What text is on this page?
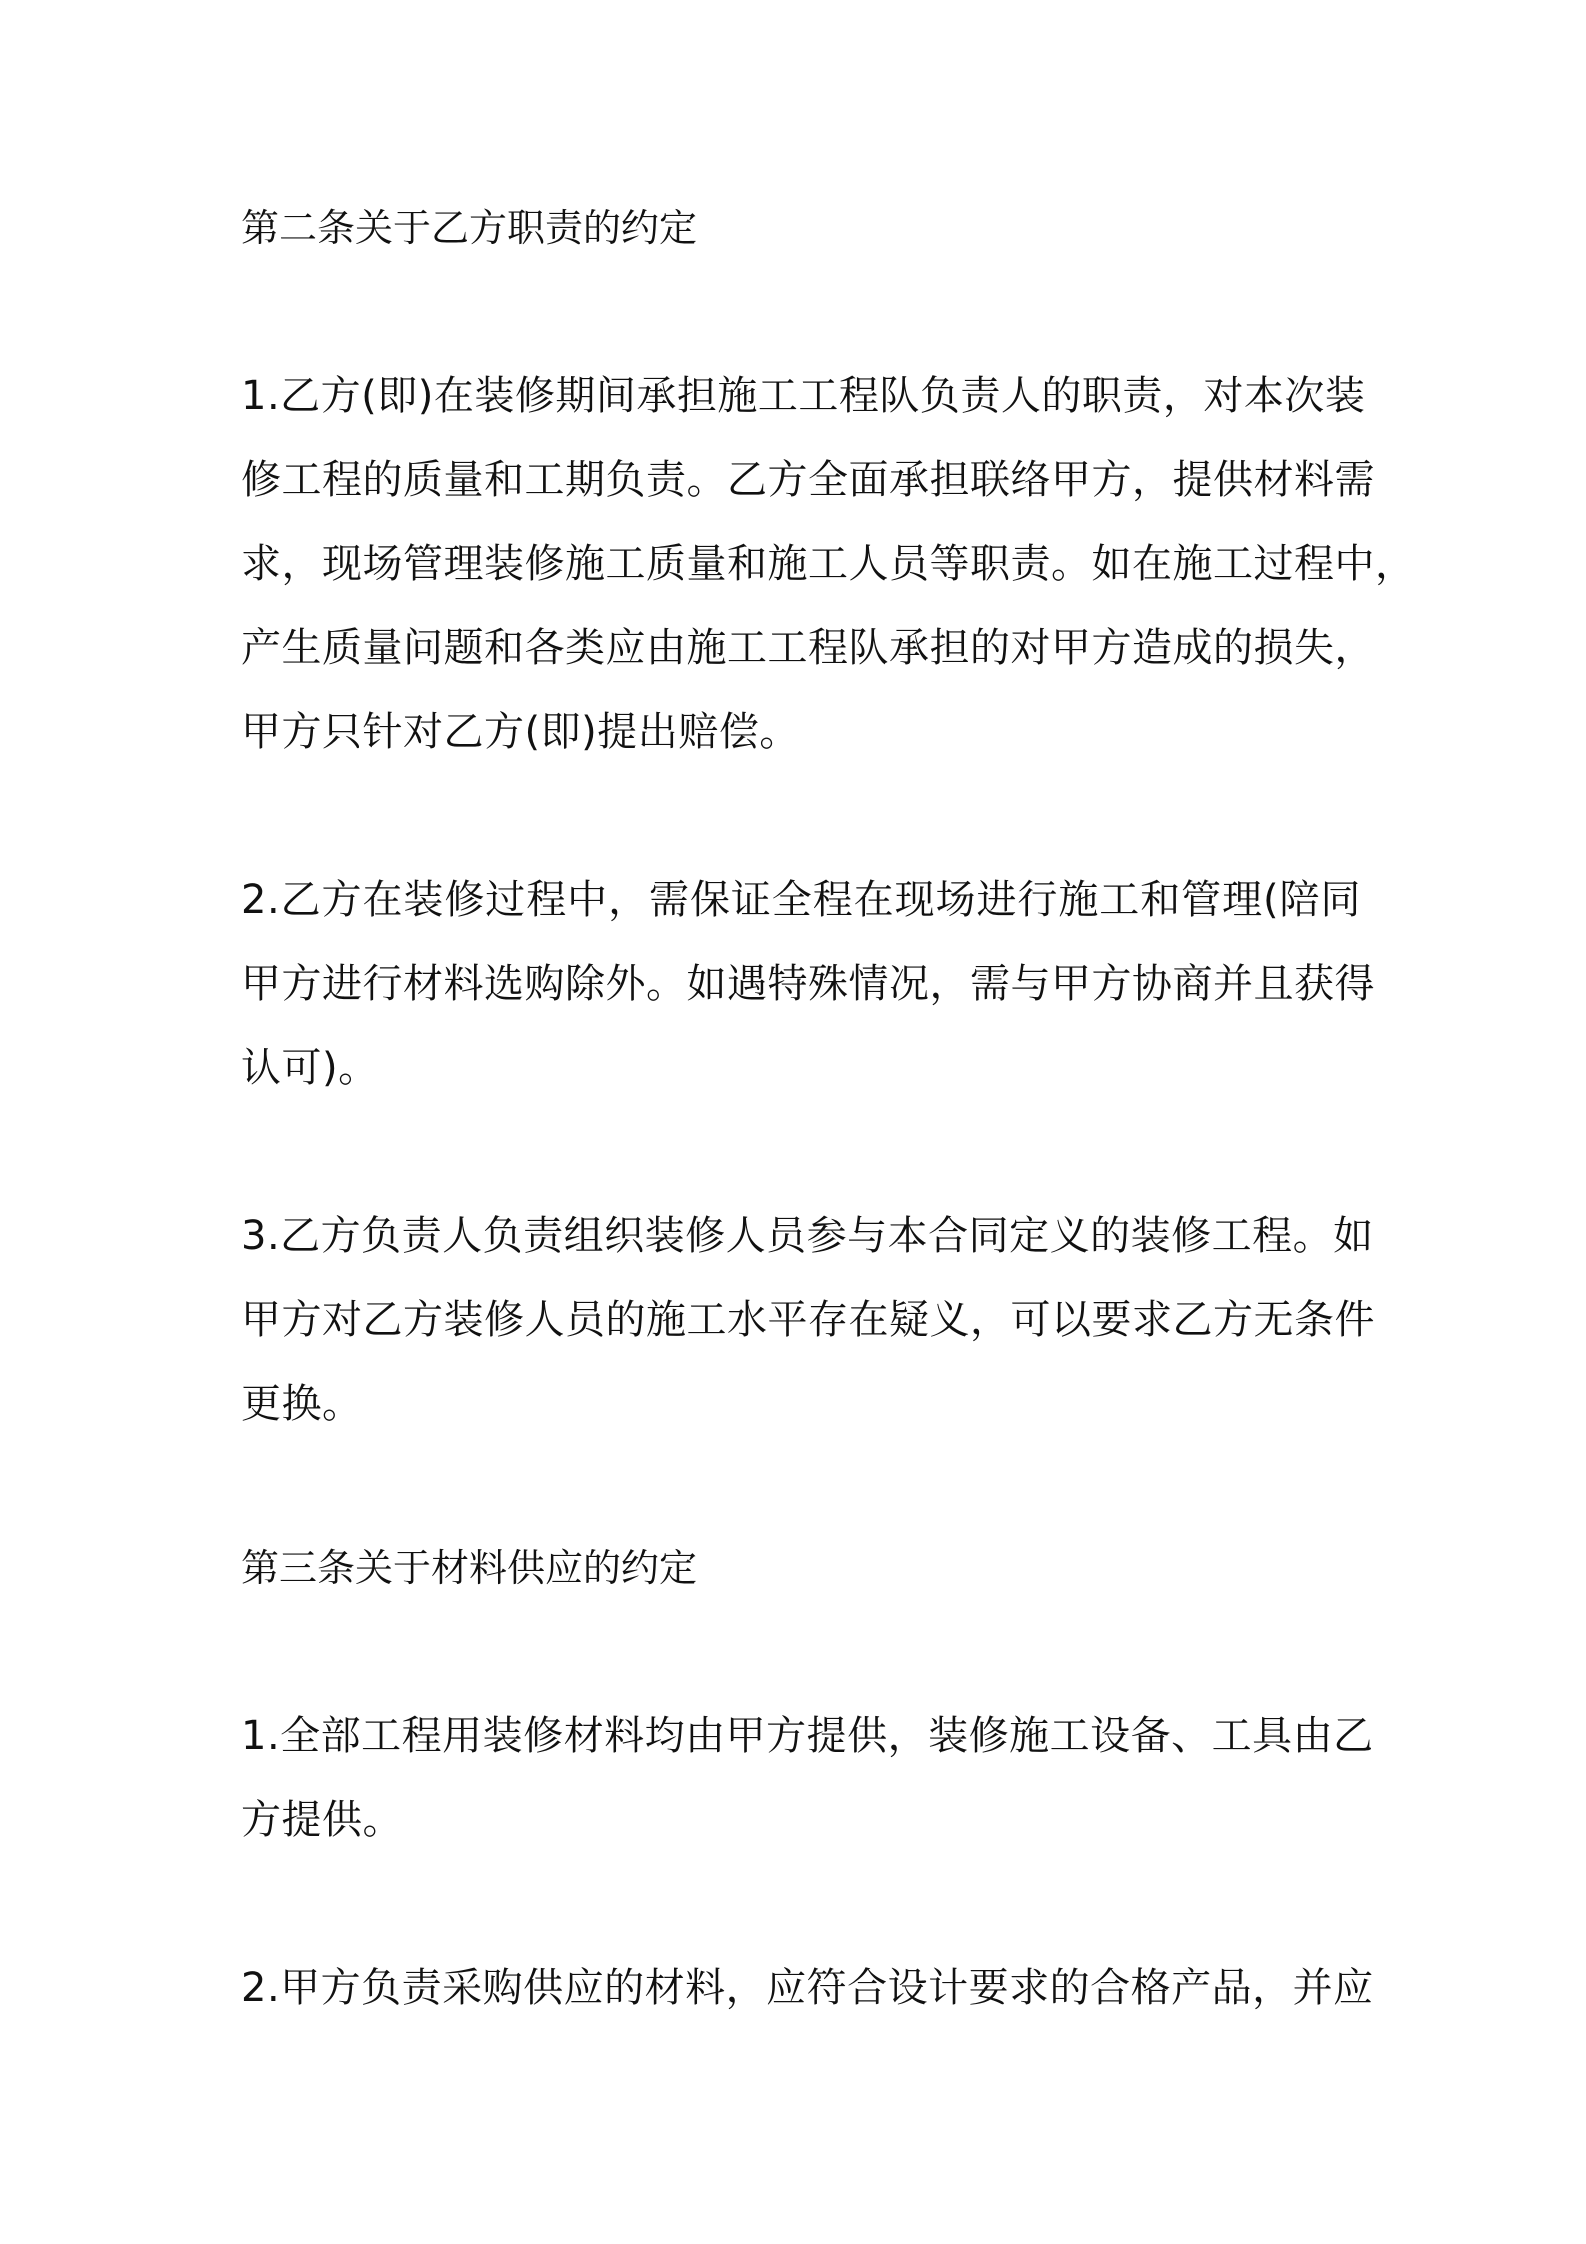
第二条关于乙方职责的约定
1.乙方(即)在装修期间承担施工工程队负责人的职责，对本次装
修工程的质量和工期负责。乙方全面承担联络甲方，提供材料需
求，现场管理装修施工质量和施工人员等职责。如在施工过程中，
产生质量问题和各类应由施工工程队承担的对甲方造成的损失，
甲方只针对乙方(即)提出赔偿。
2.乙方在装修过程中，需保证全程在现场进行施工和管理(陪同
甲方进行材料选购除外。如遇特殊情况，需与甲方协商并且获得
认可)。
3.乙方负责人负责组织装修人员参与本合同定义的装修工程。如
甲方对乙方装修人员的施工水平存在疑义，可以要求乙方无条件
更换。
第三条关于材料供应的约定
1.全部工程用装修材料均由甲方提供，装修施工设备、工具由乙
方提供。
2.甲方负责采购供应的材料，应符合设计要求的合格产品，并应
